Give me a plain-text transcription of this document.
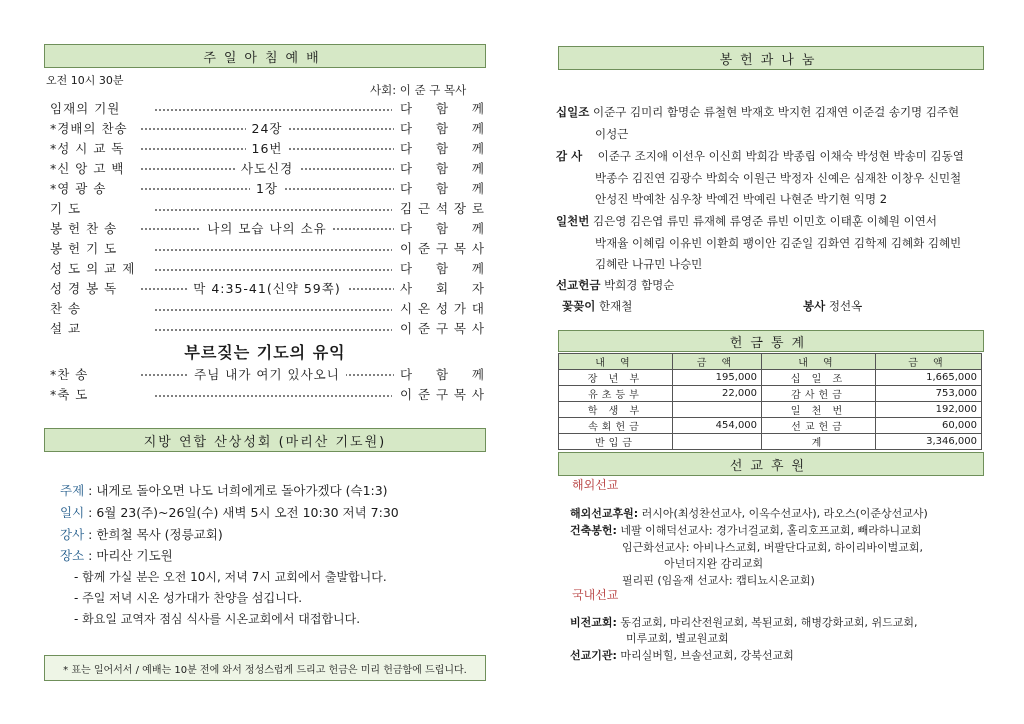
주일아침예배
오전 10시 30분
사회: 이 준 구 목사
임재의 기원	다 함 께
*경배의 찬송	24장	다 함 께
*성 시 교 독	16번	다 함 께
*신 앙 고 백	사도신경	다 함 께
*영 광 송	1장	다 함 께
기 도	김 근 석 장 로
봉 헌 찬 송	나의 모습 나의 소유	다 함 께
봉 헌 기 도	이 준 구 목 사
성 도 의 교 제	다 함 께
성 경 봉 독	막 4:35-41(신약 59쪽)	사 회 자
찬 송	시 온 성 가 대
설 교	이 준 구 목 사
부르짖는 기도의 유익
*찬 송	주님 내가 여기 있사오니	다 함 께
*축 도	이 준 구 목 사
지방 연합 산상성회 (마리산 기도원)
주제 : 내게로 돌아오면 나도 너희에게로 돌아가겠다 (슥1:3)
일시 : 6월 23(주)~26일(수) 새벽 5시 오전 10:30 저녁 7:30
강사 : 한희철 목사 (정릉교회)
장소 : 마리산 기도원
- 함께 가실 분은 오전 10시, 저녁 7시 교회에서 출발합니다.
- 주일 저녁 시온 성가대가 찬양을 섬깁니다.
- 화요일 교역자 점심 식사를 시온교회에서 대접합니다.
* 표는 일어서서 / 예배는 10분 전에 와서 정성스럽게 드리고 헌금은 미리 헌금함에 드립니다.
봉헌과나눔
십일조 이준구 김미리 함명순 류철현 박재호 박지헌 김재연 이준걸 송기명 김주현
이성근
감 사 이준구 조지애 이선우 이신희 박희감 박종립 이채숙 박성현 박송미 김동열
박종수 김진연 김광수 박희숙 이원근 박정자 신예은 심재찬 이창우 신민철
안성진 박예찬 심우창 박예건 박예린 나현준 박기현 익명 2
일천번 김은영 김은엽 류민 류재혜 류영준 류빈 이민호 이태훈 이혜원 이연서
박재율 이혜림 이유빈 이환희 팽이안 김준일 김화연 김학제 김혜화 김혜빈
김혜란 나규민 나승민
선교헌금 박희경 함명순
꽃꽂이 한재철	봉사 정선옥
헌금통계
내 역	금 액	내 역	금 액
장 년 부	195,000	십 일 조	1,665,000
유초등부	22,000	감사헌금	753,000
학 생 부		일 천 번	192,000
속회헌금	454,000	선교헌금	60,000
반입금		계	3,346,000
선교후원
해외선교
해외선교후원: 러시아(최성찬선교사, 이옥수선교사), 라오스(이준상선교사)
건축봉헌: 네팔 이해덕선교사: 경가너걸교회, 홀리호프교회, 빼라하니교회
임근화선교사: 아비나스교회, 버팔단다교회, 하이리바이벌교회,
아넌더지완 감리교회
필리핀 (임올재 선교사: 캡티뇨시온교회)
국내선교
비전교회: 동검교회, 마리산전원교회, 복된교회, 해병강화교회, 위드교회,
미루교회, 별교원교회
선교기관: 마리실버힐, 브솔선교회, 강북선교회
